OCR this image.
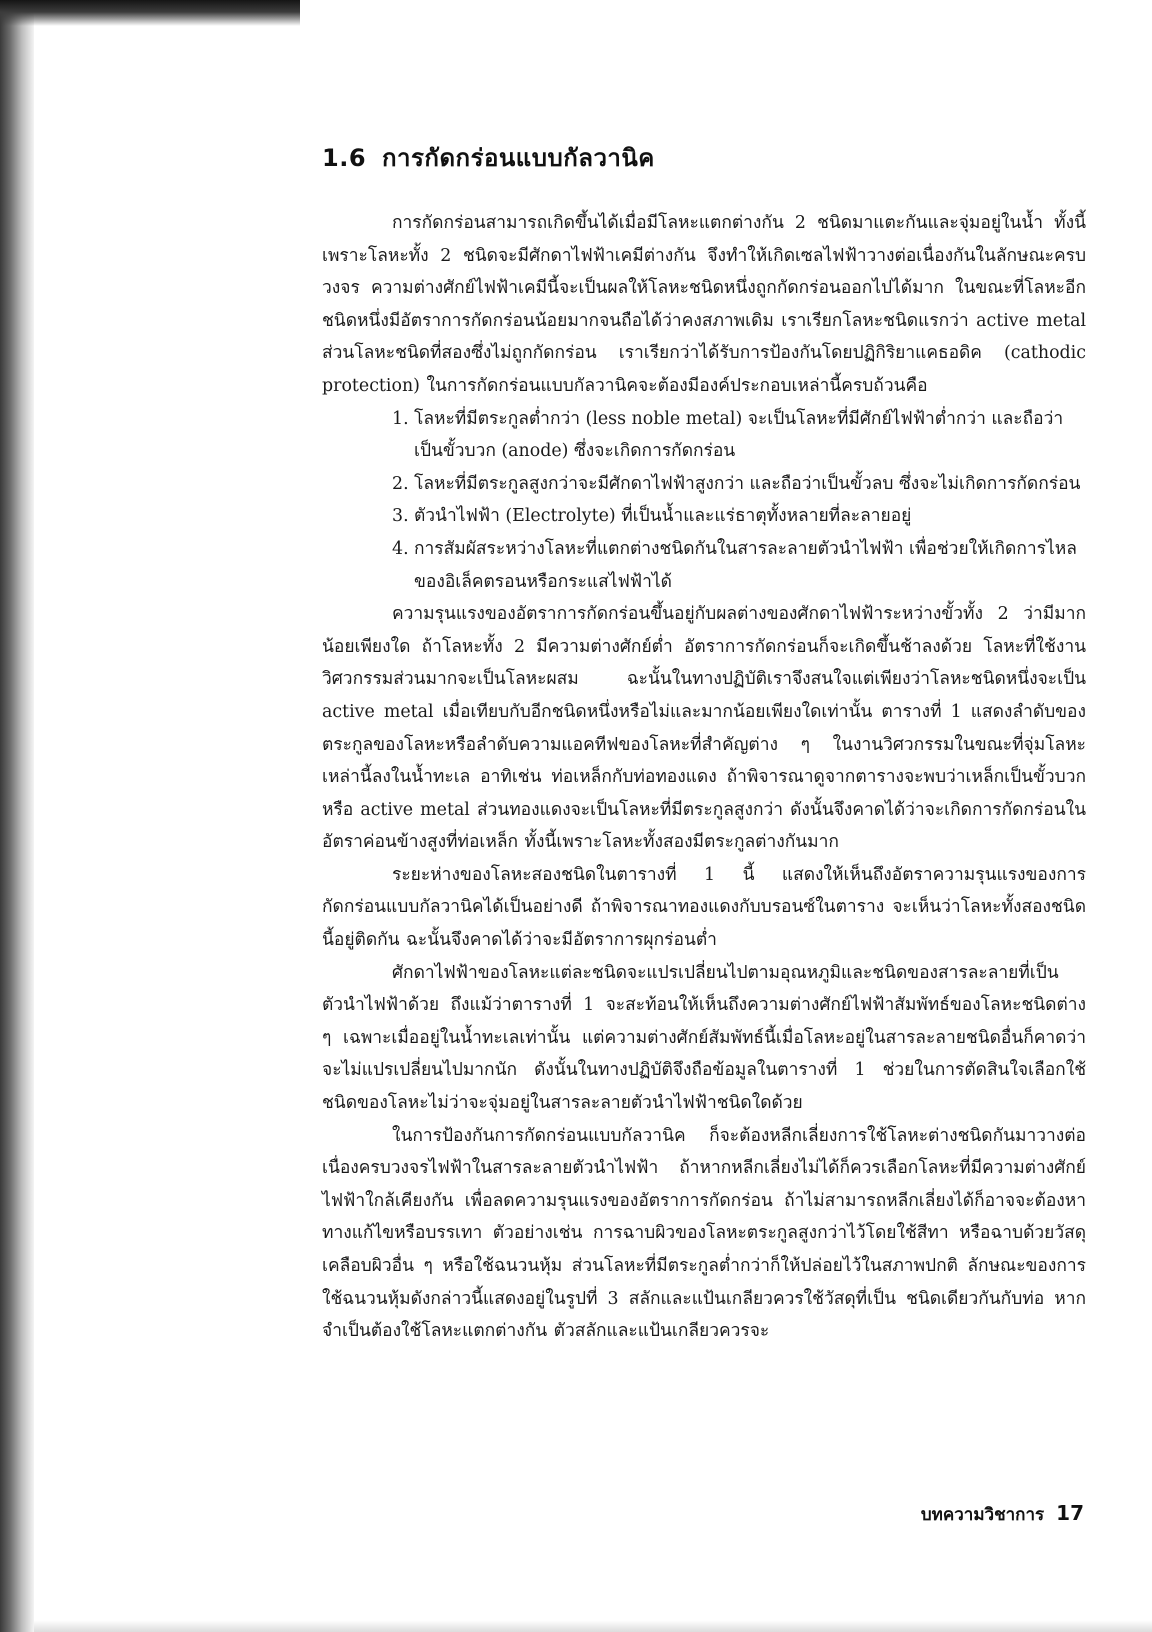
1.6 การกัดกร่อนแบบกัลวานิค

การกัดกร่อนสามารถเกิดขึ้นได้เมื่อมีโลหะแตกต่างกัน 2 ชนิดมาแตะกันและจุ่มอยู่ในน้ำ ทั้งนี้เพราะโลหะทั้ง 2 ชนิดจะมีศักดาไฟฟ้าเคมีต่างกัน จึงทำให้เกิดเซลไฟฟ้าวางต่อเนื่องกันในลักษณะครบวงจร ความต่างศักย์ไฟฟ้าเคมีนี้จะเป็นผลให้โลหะชนิดหนึ่งถูกกัดกร่อนออกไปได้มาก ในขณะที่โลหะอีกชนิดหนึ่งมีอัตราการกัดกร่อนน้อยมากจนถือได้ว่าคงสภาพเดิม เราเรียกโลหะชนิดแรกว่า active metal ส่วนโลหะชนิดที่สองซึ่งไม่ถูกกัดกร่อน เราเรียกว่าได้รับการป้องกันโดยปฏิกิริยาแคธอดิค (cathodic protection) ในการกัดกร่อนแบบกัลวานิคจะต้องมีองค์ประกอบเหล่านี้ครบถ้วนคือ

1. โลหะที่มีตระกูลต่ำกว่า (less noble metal) จะเป็นโลหะที่มีศักย์ไฟฟ้าต่ำกว่า และถือว่าเป็นขั้วบวก (anode) ซึ่งจะเกิดการกัดกร่อน
2. โลหะที่มีตระกูลสูงกว่าจะมีศักดาไฟฟ้าสูงกว่า และถือว่าเป็นขั้วลบ ซึ่งจะไม่เกิดการกัดกร่อน
3. ตัวนำไฟฟ้า (Electrolyte) ที่เป็นน้ำและแร่ธาตุทั้งหลายที่ละลายอยู่
4. การสัมผัสระหว่างโลหะที่แตกต่างชนิดกันในสารละลายตัวนำไฟฟ้า เพื่อช่วยให้เกิดการไหลของอิเล็คตรอนหรือกระแสไฟฟ้าได้

ความรุนแรงของอัตราการกัดกร่อนขึ้นอยู่กับผลต่างของศักดาไฟฟ้าระหว่างขั้วทั้ง 2 ว่ามีมากน้อยเพียงใด ถ้าโลหะทั้ง 2 มีความต่างศักย์ต่ำ อัตราการกัดกร่อนก็จะเกิดขึ้นช้าลงด้วย โลหะที่ใช้งานวิศวกรรมส่วนมากจะเป็นโลหะผสม ฉะนั้นในทางปฏิบัติเราจึงสนใจแต่เพียงว่าโลหะชนิดหนึ่งจะเป็น active metal เมื่อเทียบกับอีกชนิดหนึ่งหรือไม่และมากน้อยเพียงใดเท่านั้น ตารางที่ 1 แสดงลำดับของตระกูลของโลหะหรือลำดับความแอคทีฟของโลหะที่สำคัญต่าง ๆ ในงานวิศวกรรมในขณะที่จุ่มโลหะเหล่านี้ลงในน้ำทะเล อาทิเช่น ท่อเหล็กกับท่อทองแดง ถ้าพิจารณาดูจากตารางจะพบว่าเหล็กเป็นขั้วบวกหรือ active metal ส่วนทองแดงจะเป็นโลหะที่มีตระกูลสูงกว่า ดังนั้นจึงคาดได้ว่าจะเกิดการกัดกร่อนในอัตราค่อนข้างสูงที่ท่อเหล็ก ทั้งนี้เพราะโลหะทั้งสองมีตระกูลต่างกันมาก

ระยะห่างของโลหะสองชนิดในตารางที่ 1 นี้ แสดงให้เห็นถึงอัตราความรุนแรงของการกัดกร่อนแบบกัลวานิคได้เป็นอย่างดี ถ้าพิจารณาทองแดงกับบรอนซ์ในตาราง จะเห็นว่าโลหะทั้งสองชนิดนี้อยู่ติดกัน ฉะนั้นจึงคาดได้ว่าจะมีอัตราการผุกร่อนต่ำ

ศักดาไฟฟ้าของโลหะแต่ละชนิดจะแปรเปลี่ยนไปตามอุณหภูมิและชนิดของสารละลายที่เป็นตัวนำไฟฟ้าด้วย ถึงแม้ว่าตารางที่ 1 จะสะท้อนให้เห็นถึงความต่างศักย์ไฟฟ้าสัมพัทธ์ของโลหะชนิดต่าง ๆ เฉพาะเมื่ออยู่ในน้ำทะเลเท่านั้น แต่ความต่างศักย์สัมพัทธ์นี้เมื่อโลหะอยู่ในสารละลายชนิดอื่นก็คาดว่าจะไม่แปรเปลี่ยนไปมากนัก ดังนั้นในทางปฏิบัติจึงถือข้อมูลในตารางที่ 1 ช่วยในการตัดสินใจเลือกใช้ชนิดของโลหะไม่ว่าจะจุ่มอยู่ในสารละลายตัวนำไฟฟ้าชนิดใดด้วย

ในการป้องกันการกัดกร่อนแบบกัลวานิค ก็จะต้องหลีกเลี่ยงการใช้โลหะต่างชนิดกันมาวางต่อเนื่องครบวงจรไฟฟ้าในสารละลายตัวนำไฟฟ้า ถ้าหากหลีกเลี่ยงไม่ได้ก็ควรเลือกโลหะที่มีความต่างศักย์ไฟฟ้าใกล้เคียงกัน เพื่อลดความรุนแรงของอัตราการกัดกร่อน ถ้าไม่สามารถหลีกเลี่ยงได้ก็อาจจะต้องหาทางแก้ไขหรือบรรเทา ตัวอย่างเช่น การฉาบผิวของโลหะตระกูลสูงกว่าไว้โดยใช้สีทา หรือฉาบด้วยวัสดุเคลือบผิวอื่น ๆ หรือใช้ฉนวนหุ้ม ส่วนโลหะที่มีตระกูลต่ำกว่าก็ให้ปล่อยไว้ในสภาพปกติ ลักษณะของการใช้ฉนวนหุ้มดังกล่าวนี้แสดงอยู่ในรูปที่ 3 สลักและแป้นเกลียวควรใช้วัสดุที่เป็น ชนิดเดียวกันกับท่อ หากจำเป็นต้องใช้โลหะแตกต่างกัน ตัวสลักและแป้นเกลียวควรจะ

บทความวิชาการ 17
